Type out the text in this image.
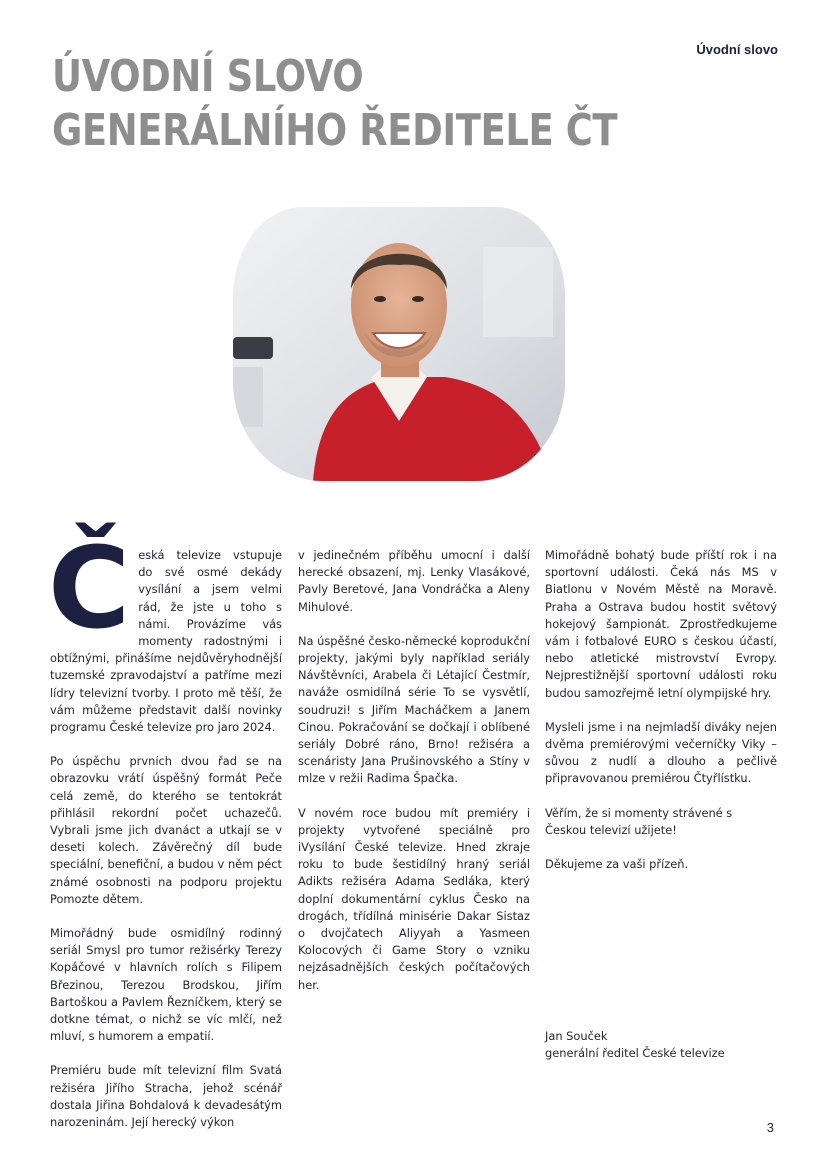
Úvodní slovo
ÚVODNÍ SLOVO
GENERÁLNÍHO ŘEDITELE ČT
Č eská televize vstupuje do své osmé dekády vysílání a jsem velmi rád, že jste u toho s námi. Provázíme vás momenty radostnými i obtížnými, přinášíme nejdůvěryhodnější tuzemské zpravodajství a patříme mezi lídry televizní tvorby. I proto mě těší, že vám můžeme představit další novinky programu České televize pro jaro 2024.

Po úspěchu prvních dvou řad se na obrazovku vrátí úspěšný formát Peče celá země, do kterého se tentokrát přihlásil rekordní počet uchazečů. Vybrali jsme jich dvanáct a utkají se v deseti kolech. Závěrečný díl bude speciální, benefiční, a budou v něm péct známé osobnosti na podporu projektu Pomozte dětem.

Mimořádný bude osmidílný rodinný seriál Smysl pro tumor režisérky Terezy Kopáčové v hlavních rolích s Filipem Březinou, Terezou Brodskou, Jiřím Bartoškou a Pavlem Řezníčkem, který se dotkne témat, o nichž se víc mlčí, než mluví, s humorem a empatií.

Premiéru bude mít televizní film Svatá režiséra Jiřího Stracha, jehož scénář dostala Jiřina Bohdalová k devadesátým narozeninám. Její herecký výkon

v jedinečném příběhu umocní i další herecké obsazení, mj. Lenky Vlasákové, Pavly Beretové, Jana Vondráčka a Aleny Mihulové.

Na úspěšné česko-německé koprodukční projekty, jakými byly například seriály Návštěvníci, Arabela či Létající Čestmír, naváže osmidílná série To se vysvětlí, soudruzi! s Jiřím Macháčkem a Janem Cinou. Pokračování se dočkají i oblíbené seriály Dobré ráno, Brno! režiséra a scenáristy Jana Prušinovského a Stíny v mlze v režii Radima Špačka.

V novém roce budou mít premiéry i projekty vytvořené speciálně pro iVysílání České televize. Hned zkraje roku to bude šestidílný hraný seriál Adikts režiséra Adama Sedláka, který doplní dokumentární cyklus Česko na drogách, třídílná minisérie Dakar Sistaz o dvojčatech Aliyyah a Yasmeen Kolocových či Game Story o vzniku nejzásadnějších českých počítačových her.

Mimořádně bohatý bude příští rok i na sportovní události. Čeká nás MS v Biatlonu v Novém Městě na Moravě. Praha a Ostrava budou hostit světový hokejový šampionát. Zprostředkujeme vám i fotbalové EURO s českou účastí, nebo atletické mistrovství Evropy. Nejprestižnější sportovní události roku budou samozřejmě letní olympijské hry.

Mysleli jsme i na nejmladší diváky nejen dvěma premiérovými večerníčky Viky – sůvou z nudlí a dlouho a pečlivě připravovanou premiérou Čtyřlístku.

Věřím, že si momenty strávené s Českou televizí užijete!

Děkujeme za vaši přízeň.

Jan Souček
generální ředitel České televize
3
